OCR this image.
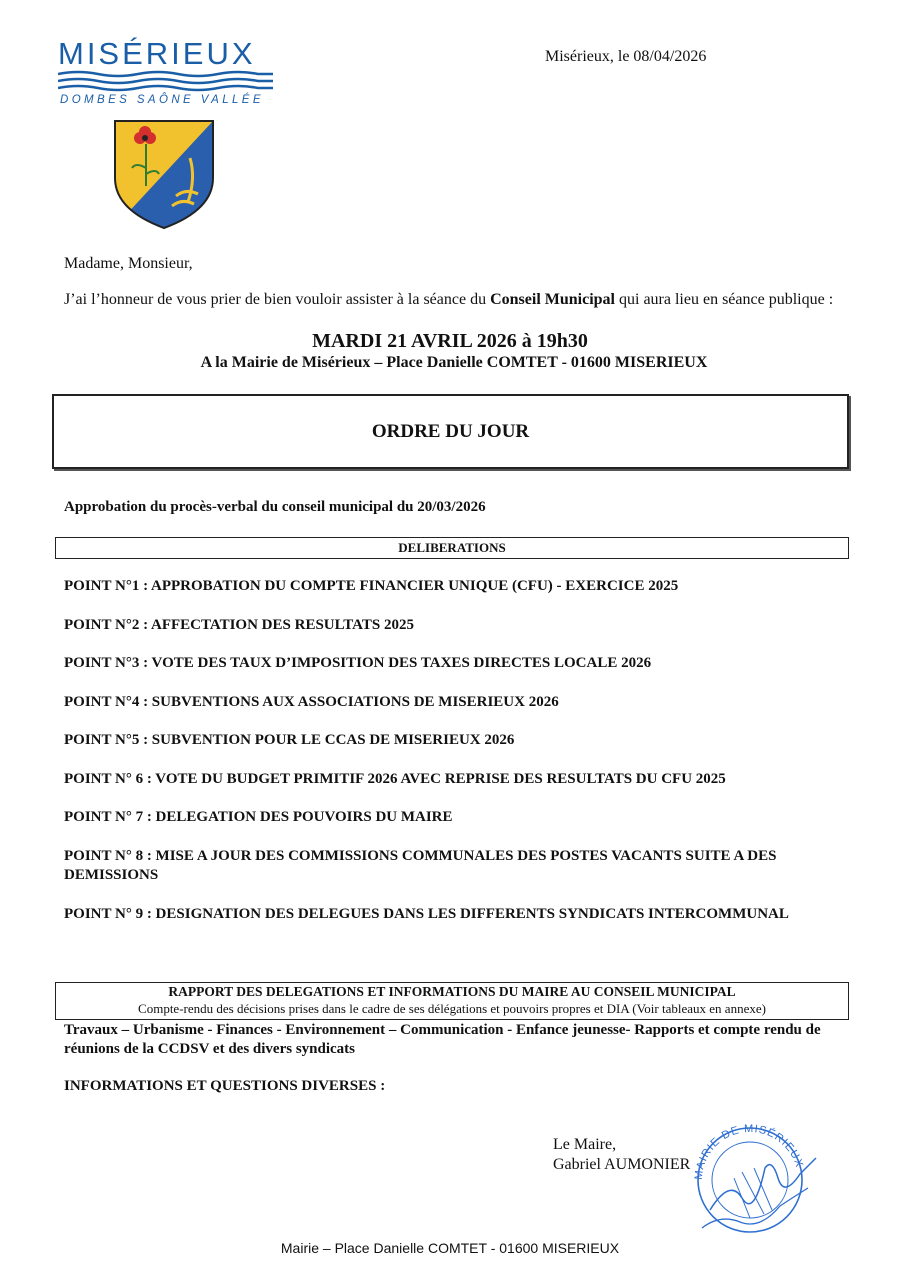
MISÉRIEUX
DOMBES SAÔNE VALLÉE
Misérieux, le 08/04/2026
Madame, Monsieur,
J’ai l’honneur de vous prier de bien vouloir assister à la séance du Conseil Municipal qui aura lieu en séance publique :
MARDI 21 AVRIL 2026 à 19h30
A la Mairie de Misérieux – Place Danielle COMTET - 01600 MISERIEUX
ORDRE DU JOUR
Approbation du procès-verbal du conseil municipal du 20/03/2026
DELIBERATIONS
POINT N°1 : APPROBATION DU COMPTE FINANCIER UNIQUE (CFU) - EXERCICE 2025
POINT N°2 : AFFECTATION DES RESULTATS 2025
POINT N°3 : VOTE DES TAUX D’IMPOSITION DES TAXES DIRECTES LOCALE 2026
POINT N°4 : SUBVENTIONS AUX ASSOCIATIONS DE MISERIEUX 2026
POINT N°5 : SUBVENTION POUR LE CCAS DE MISERIEUX 2026
POINT N° 6 : VOTE DU BUDGET PRIMITIF 2026 AVEC REPRISE DES RESULTATS DU CFU 2025
POINT N° 7 : DELEGATION DES POUVOIRS DU MAIRE
POINT N° 8 : MISE A JOUR DES COMMISSIONS COMMUNALES DES POSTES VACANTS SUITE A DES DEMISSIONS
POINT N° 9 : DESIGNATION DES DELEGUES DANS LES DIFFERENTS SYNDICATS INTERCOMMUNAL
RAPPORT DES DELEGATIONS ET INFORMATIONS DU MAIRE AU CONSEIL MUNICIPAL
Compte-rendu des décisions prises dans le cadre de ses délégations et pouvoirs propres et DIA (Voir tableaux en annexe)
Travaux – Urbanisme - Finances - Environnement – Communication - Enfance jeunesse- Rapports et compte rendu de réunions de la CCDSV et des divers syndicats
INFORMATIONS ET QUESTIONS DIVERSES :
MAIRIE DE MISÉRIEUX
Le Maire,
Gabriel AUMONIER
Mairie – Place Danielle COMTET - 01600 MISERIEUX
